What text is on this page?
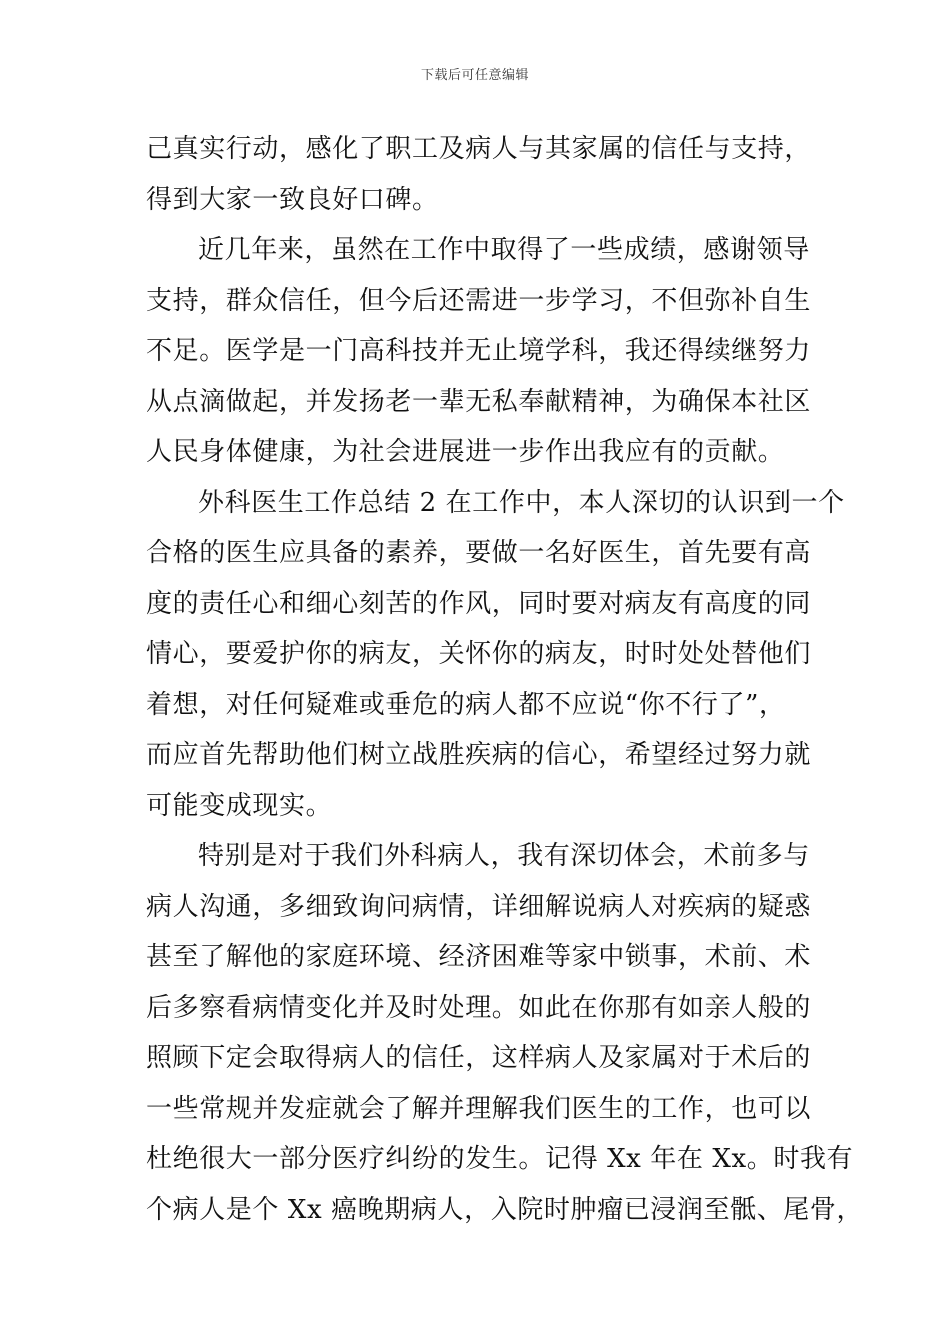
下载后可任意编辑
己真实行动，感化了职工及病人与其家属的信任与支持，
得到大家一致良好口碑。
近几年来，虽然在工作中取得了一些成绩，感谢领导
支持，群众信任，但今后还需进一步学习，不但弥补自生
不足。医学是一门高科技并无止境学科，我还得续继努力
从点滴做起，并发扬老一辈无私奉献精神，为确保本社区
人民身体健康，为社会进展进一步作出我应有的贡献。
外科医生工作总结 2 在工作中，本人深切的认识到一个
合格的医生应具备的素养，要做一名好医生，首先要有高
度的责任心和细心刻苦的作风，同时要对病友有高度的同
情心，要爱护你的病友，关怀你的病友，时时处处替他们
着想，对任何疑难或垂危的病人都不应说“你不行了”，
而应首先帮助他们树立战胜疾病的信心，希望经过努力就
可能变成现实。
特别是对于我们外科病人，我有深切体会，术前多与
病人沟通，多细致询问病情，详细解说病人对疾病的疑惑
甚至了解他的家庭环境、经济困难等家中锁事，术前、术
后多察看病情变化并及时处理。如此在你那有如亲人般的
照顾下定会取得病人的信任，这样病人及家属对于术后的
一些常规并发症就会了解并理解我们医生的工作，也可以
杜绝很大一部分医疗纠纷的发生。记得 Xx 年在 Xx。时我有
个病人是个 Xx 癌晚期病人，入院时肿瘤已浸润至骶、尾骨，
